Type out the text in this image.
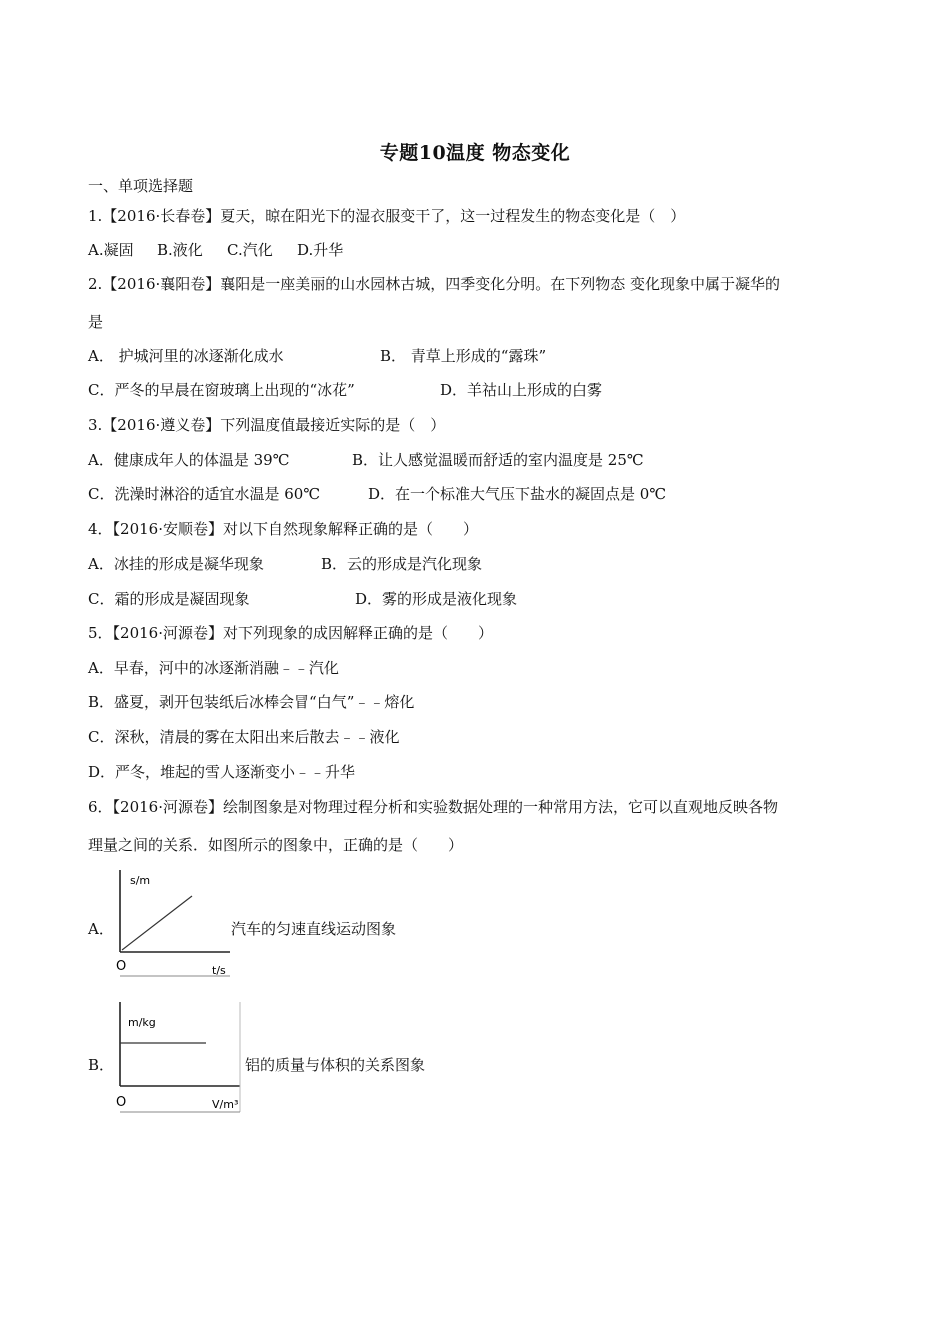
专题10温度 物态变化
一、单项选择题
1.【2016·长春卷】夏天，晾在阳光下的湿衣服变干了，这一过程发生的物态变化是（　）
A.凝固 B.液化 C.汽化 D.升华
2.【2016·襄阳卷】襄阳是一座美丽的山水园林古城，四季变化分明。在下列物态 变化现象中属于凝华的
是
A． 护城河里的冰逐渐化成水	B． 青草上形成的“露珠”
C．严冬的早晨在窗玻璃上出现的“冰花”	D．羊祜山上形成的白雾
3.【2016·遵义卷】下列温度值最接近实际的是（　）
A．健康成年人的体温是 39℃	B．让人感觉温暖而舒适的室内温度是 25℃
C．洗澡时淋浴的适宜水温是 60℃	D．在一个标准大气压下盐水的凝固点是 0℃
4．【2016·安顺卷】对以下自然现象解释正确的是（　　）
A．冰挂的形成是凝华现象	B．云的形成是汽化现象
C．霜的形成是凝固现象	D．雾的形成是液化现象
5．【2016·河源卷】对下列现象的成因解释正确的是（　　）
A．早春，河中的冰逐渐消融﹣﹣汽化
B．盛夏，剥开包装纸后冰棒会冒“白气”﹣﹣熔化
C．深秋，清晨的雾在太阳出来后散去﹣﹣液化
D．严冬，堆起的雪人逐渐变小﹣﹣升华
6．【2016·河源卷】绘制图象是对物理过程分析和实验数据处理的一种常用方法，它可以直观地反映各物
理量之间的关系．如图所示的图象中，正确的是（　　）
A．
s/m
O	t/s
汽车的匀速直线运动图象
B．
m/kg
O	V/m³
铝的质量与体积的关系图象
